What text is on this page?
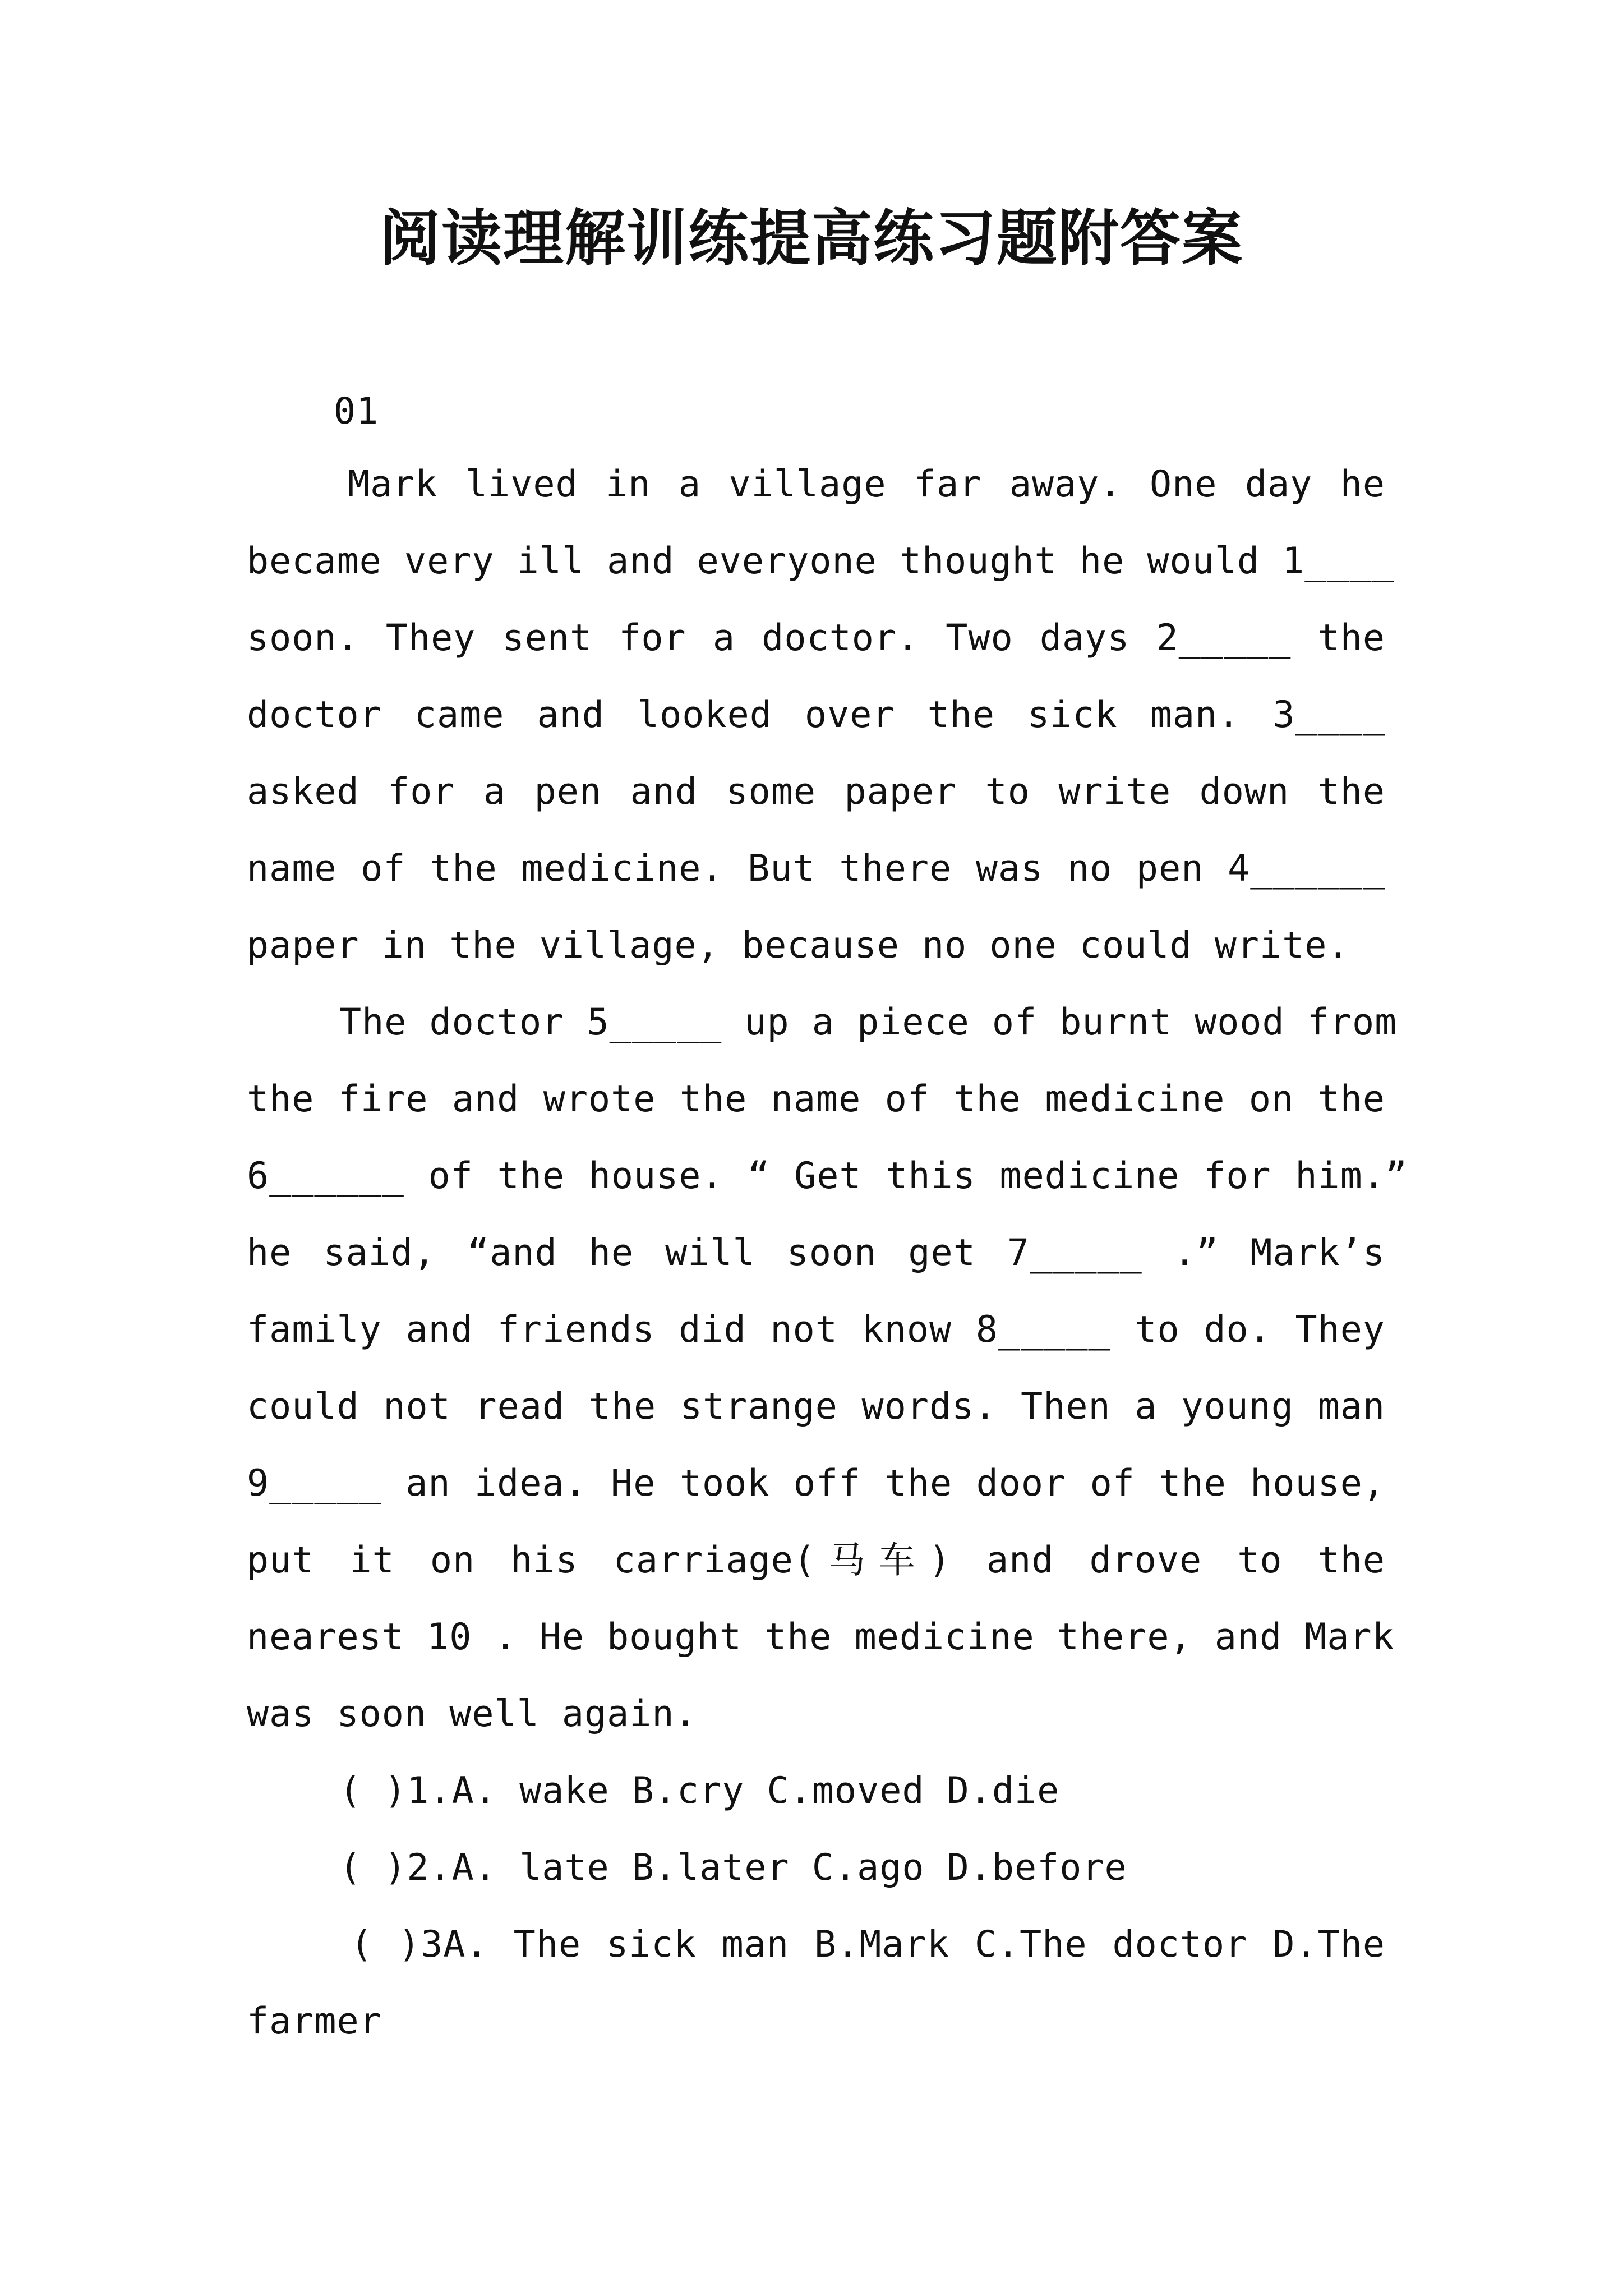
阅读理解训练提高练习题附答案
01
Mark lived in a village far away. One day he
became very ill and everyone thought he would 1____
soon. They sent for a doctor. Two days 2_____ the
doctor came and looked over the sick man. 3____
asked for a pen and some paper to write down the
name of the medicine. But there was no pen 4______
paper in the village, because no one could write.
The doctor 5_____ up a piece of burnt wood from
the fire and wrote the name of the medicine on the
6______ of the house. “ Get this medicine for him.”
he said, “and he will soon get 7_____ .” Mark’s
family and friends did not know 8_____ to do. They
could not read the strange words. Then a young man
9_____ an idea. He took off the door of the house,
put it on his carriage(马车) and drove to the
nearest 10 . He bought the medicine there, and Mark
was soon well again.
( )1.A. wake B.cry C.moved D.die
( )2.A. late B.later C.ago D.before
( )3A. The sick man B.Mark C.The doctor D.The
farmer
